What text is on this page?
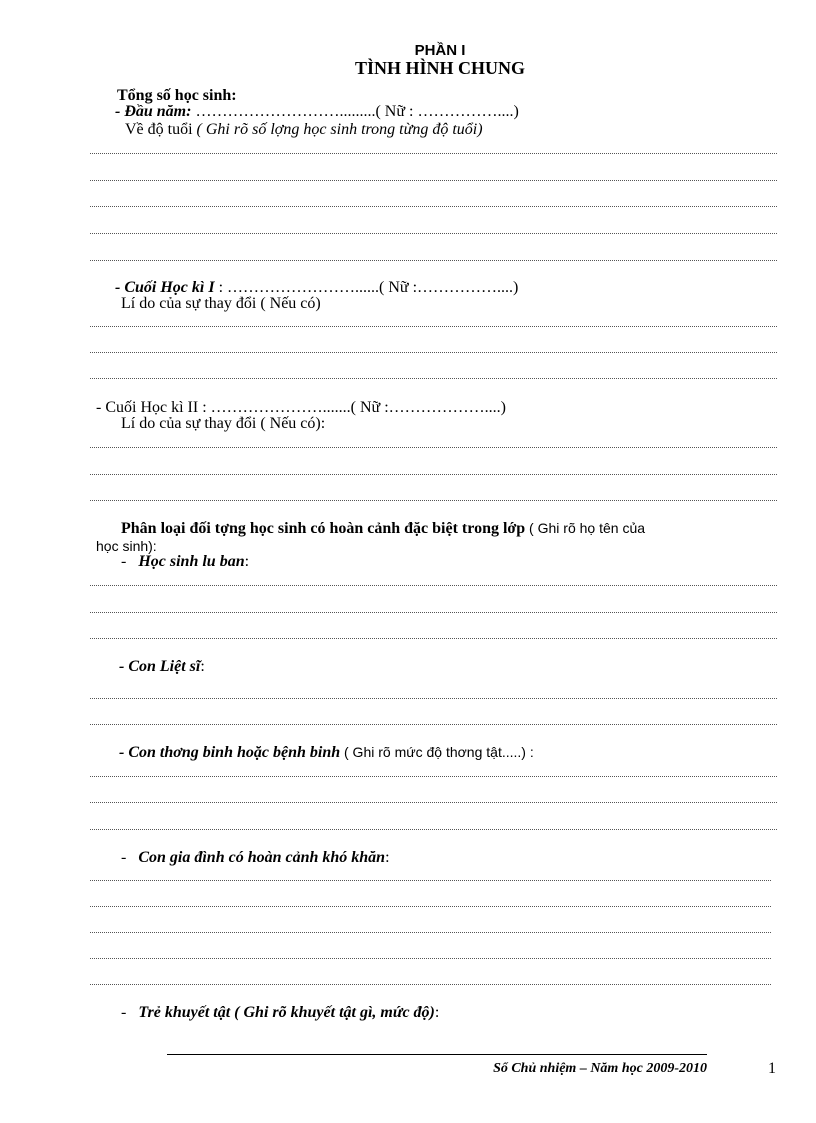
PHẦN I
TÌNH HÌNH CHUNG
Tổng số học sinh:
- Đầu năm: ……………………….........( Nữ : ……………....)
Về độ tuổi ( Ghi rõ số lợng học sinh trong từng độ tuổi)
- Cuối Học kì I : ……………………......( Nữ :……………....)
Lí do của sự thay đổi ( Nếu có)
- Cuối Học kì II : ………………….......( Nữ :………………....)
Lí do của sự thay đổi ( Nếu có):
Phân loại đối tợng học sinh có hoàn cảnh đặc biệt trong lớp ( Ghi rõ họ tên của
học sinh):
- Học sinh lu ban:
- Con Liệt sĩ:
- Con thơng binh hoặc bệnh binh ( Ghi rõ mức độ thơng tật.....) :
- Con gia đình có hoàn cảnh khó khăn:
- Trẻ khuyết tật ( Ghi rõ khuyết tật gì, mức độ):
Sổ Chủ nhiệm – Năm học 2009-2010	1
